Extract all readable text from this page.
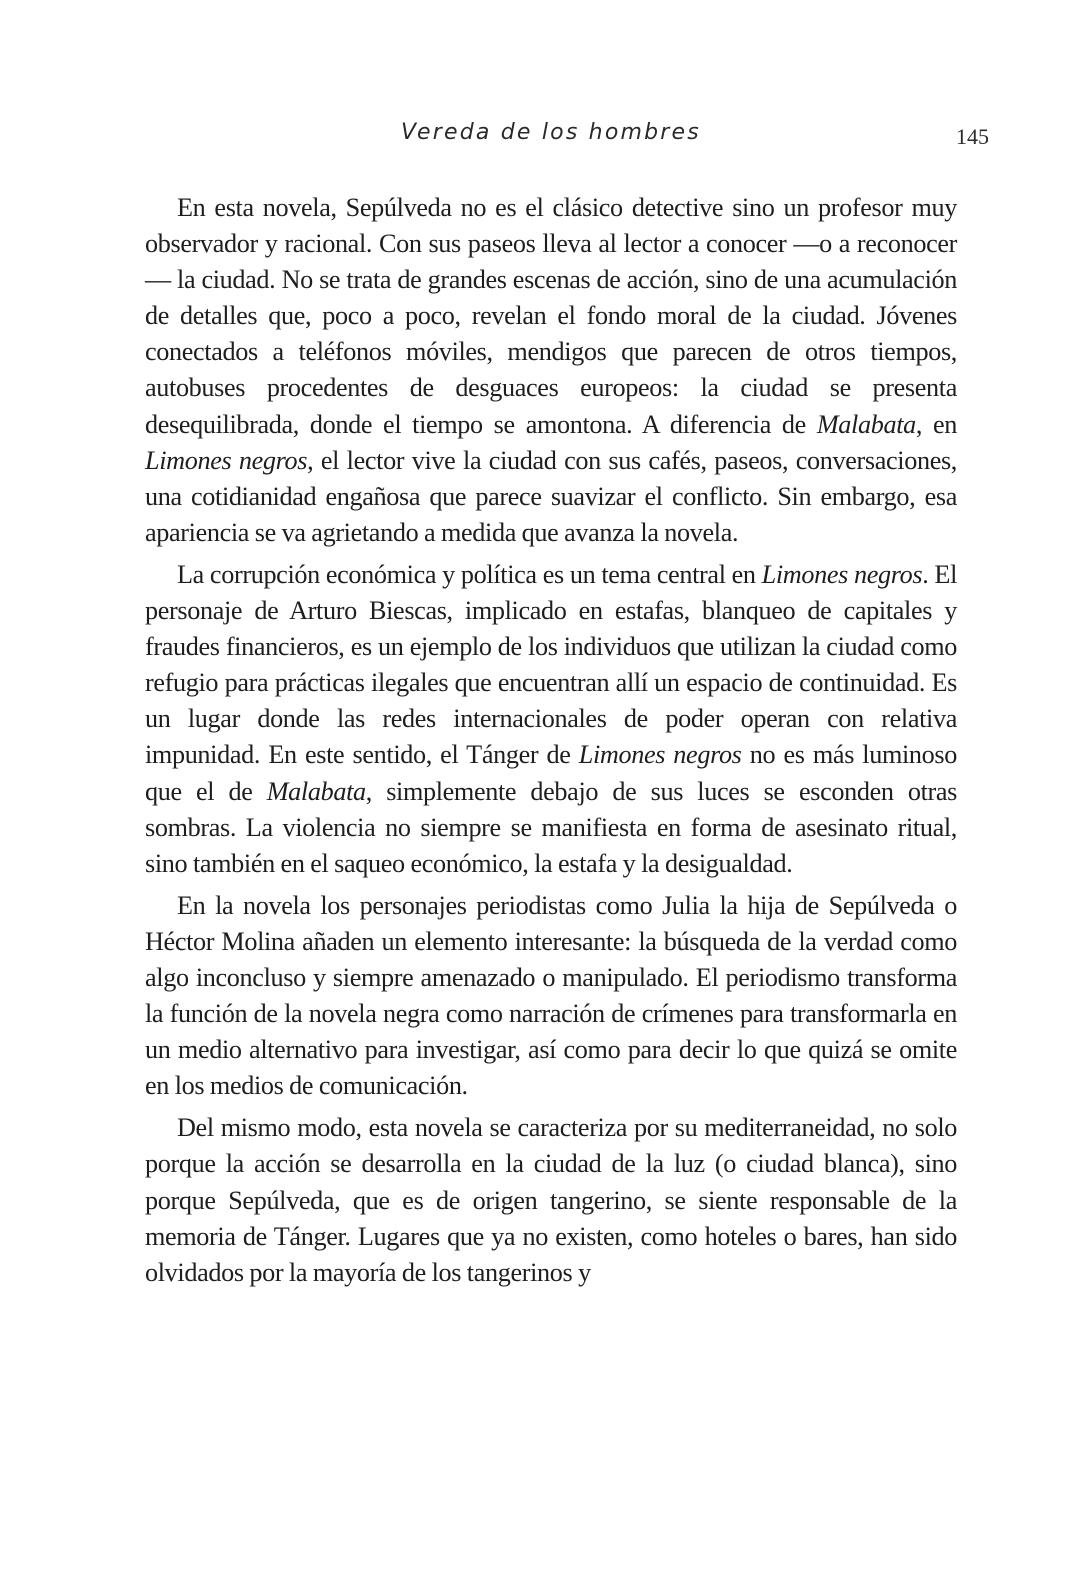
Vereda de los hombres	145

En esta novela, Sepúlveda no es el clásico detective sino un profesor muy observador y racional. Con sus paseos lleva al lector a conocer —o a reconocer— la ciudad. No se trata de grandes escenas de acción, sino de una acumulación de detalles que, poco a poco, revelan el fondo moral de la ciudad. Jóvenes conectados a teléfonos móviles, mendigos que parecen de otros tiempos, autobuses procedentes de desguaces europeos: la ciudad se presenta desequilibrada, donde el tiempo se amontona. A diferencia de Malabata, en Limones negros, el lector vive la ciudad con sus cafés, paseos, conversaciones, una cotidianidad engañosa que parece suavizar el conflicto. Sin embargo, esa apariencia se va agrietando a medida que avanza la novela.

La corrupción económica y política es un tema central en Limones negros. El personaje de Arturo Biescas, implicado en estafas, blanqueo de capitales y fraudes financieros, es un ejemplo de los individuos que utilizan la ciudad como refugio para prácticas ilegales que encuentran allí un espacio de continuidad. Es un lugar donde las redes internacionales de poder operan con relativa impunidad. En este sentido, el Tánger de Limones negros no es más luminoso que el de Malabata, simplemente debajo de sus luces se esconden otras sombras. La violencia no siempre se manifiesta en forma de asesinato ritual, sino también en el saqueo económico, la estafa y la desigualdad.

En la novela los personajes periodistas como Julia la hija de Sepúlveda o Héctor Molina añaden un elemento interesante: la búsqueda de la verdad como algo inconcluso y siempre amenazado o manipulado. El periodismo transforma la función de la novela negra como narración de crímenes para transformarla en un medio alternativo para investigar, así como para decir lo que quizá se omite en los medios de comunicación.

Del mismo modo, esta novela se caracteriza por su mediterraneidad, no solo porque la acción se desarrolla en la ciudad de la luz (o ciudad blanca), sino porque Sepúlveda, que es de origen tangerino, se siente responsable de la memoria de Tánger. Lugares que ya no existen, como hoteles o bares, han sido olvidados por la mayoría de los tangerinos y
